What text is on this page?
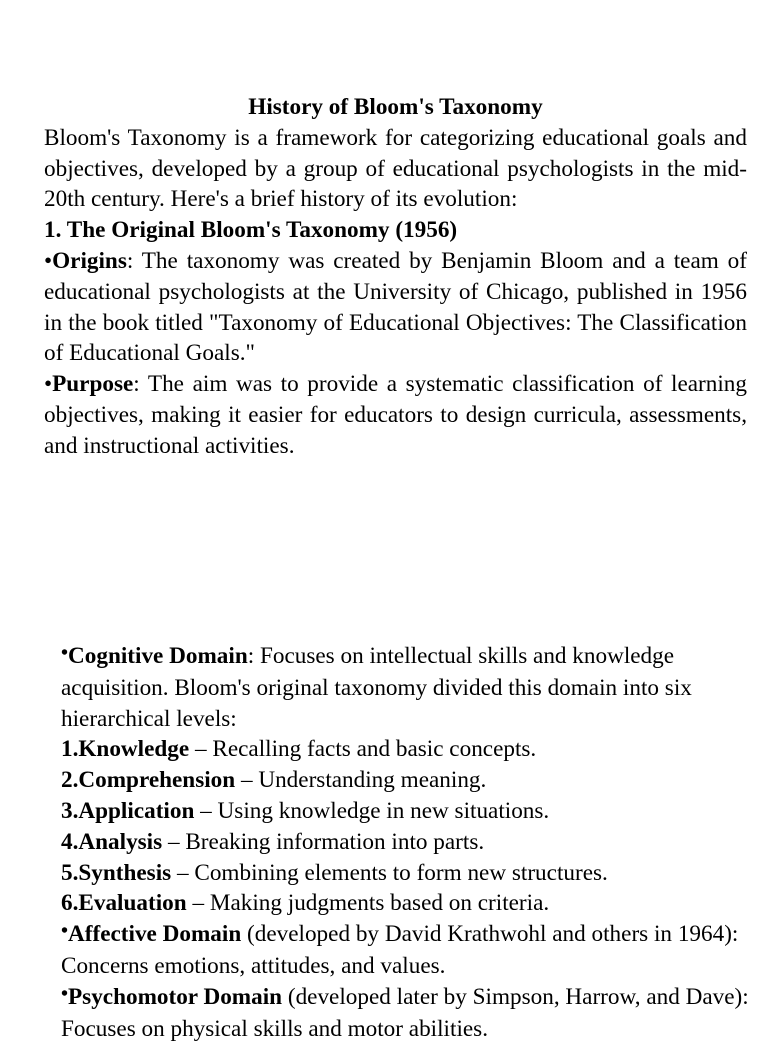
History of Bloom's Taxonomy

Bloom's Taxonomy is a framework for categorizing educational goals and objectives, developed by a group of educational psychologists in the mid-20th century. Here's a brief history of its evolution:

1. The Original Bloom's Taxonomy (1956)

•Origins: The taxonomy was created by Benjamin Bloom and a team of educational psychologists at the University of Chicago, published in 1956 in the book titled "Taxonomy of Educational Objectives: The Classification of Educational Goals."

•Purpose: The aim was to provide a systematic classification of learning objectives, making it easier for educators to design curricula, assessments, and instructional activities.

•Cognitive Domain: Focuses on intellectual skills and knowledge acquisition. Bloom's original taxonomy divided this domain into six hierarchical levels:

1.Knowledge – Recalling facts and basic concepts.

2.Comprehension – Understanding meaning.

3.Application – Using knowledge in new situations.

4.Analysis – Breaking information into parts.

5.Synthesis – Combining elements to form new structures.

6.Evaluation – Making judgments based on criteria.

•Affective Domain (developed by David Krathwohl and others in 1964): Concerns emotions, attitudes, and values.

•Psychomotor Domain (developed later by Simpson, Harrow, and Dave): Focuses on physical skills and motor abilities.
